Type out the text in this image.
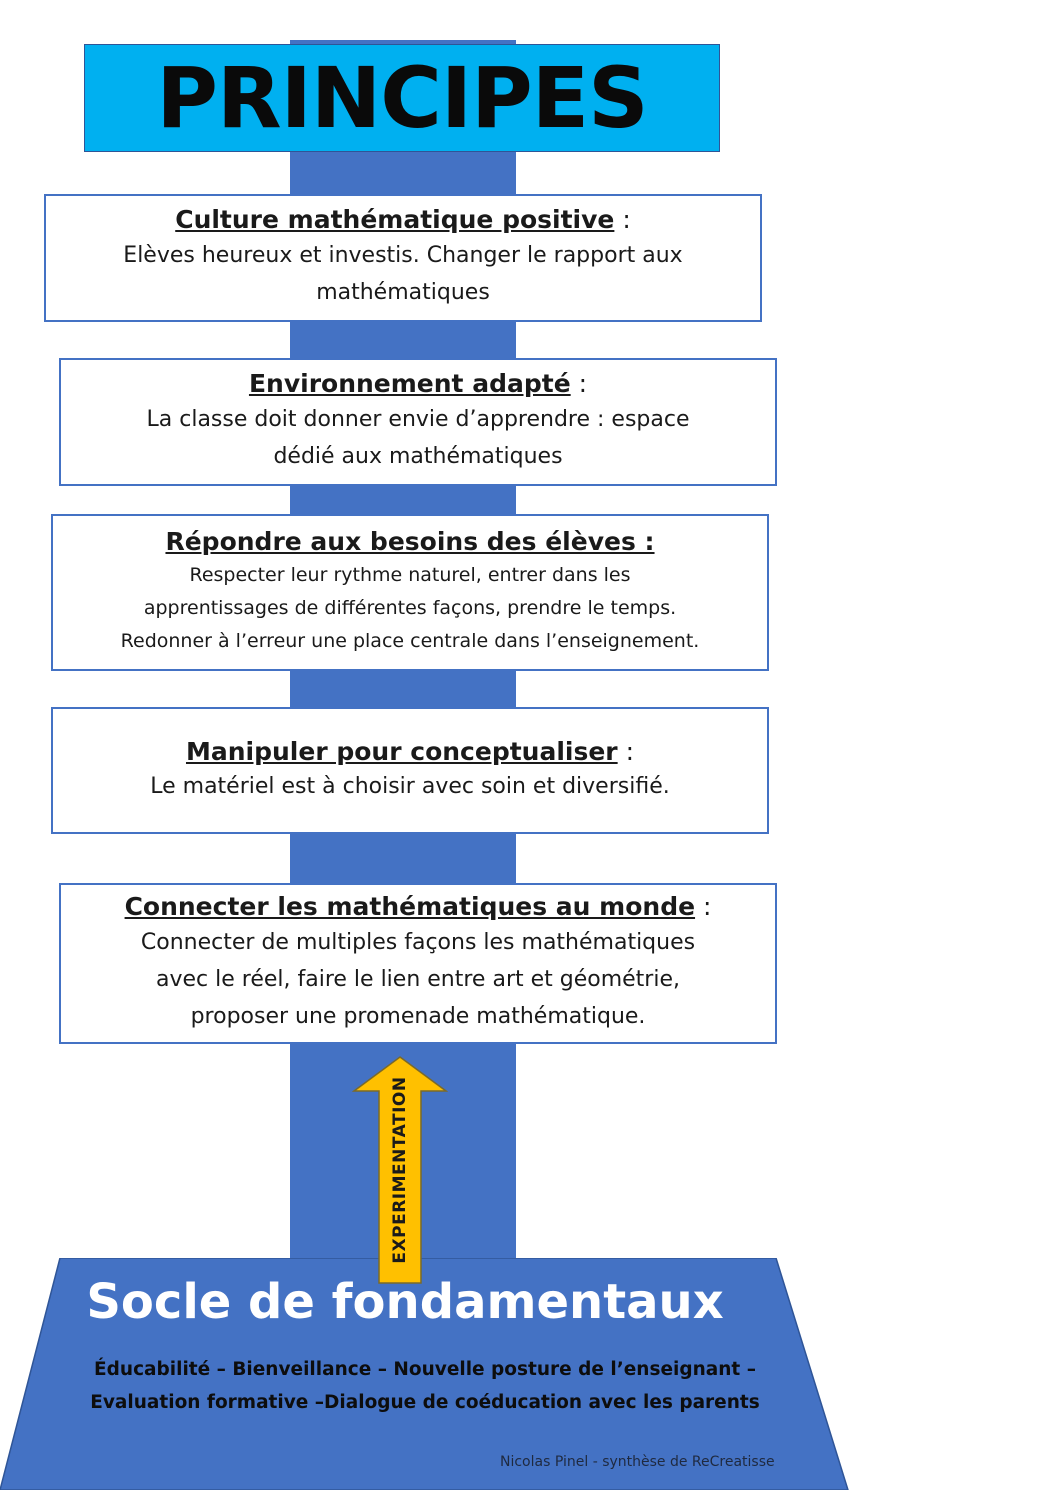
PRINCIPES
Culture mathématique positive :
Elèves heureux et investis. Changer le rapport aux
mathématiques
Environnement adapté :
La classe doit donner envie d’apprendre : espace
dédié aux mathématiques
Répondre aux besoins des élèves :
Respecter leur rythme naturel, entrer dans les
apprentissages de différentes façons, prendre le temps.
Redonner à l’erreur une place centrale dans l’enseignement.
Manipuler pour conceptualiser :
Le matériel est à choisir avec soin et diversifié.
Connecter les mathématiques au monde :
Connecter de multiples façons les mathématiques
avec le réel, faire le lien entre art et géométrie,
proposer une promenade mathématique.
EXPERIMENTATION
Socle de fondamentaux
Éducabilité – Bienveillance – Nouvelle posture de l’enseignant –
Evaluation formative –Dialogue de coéducation avec les parents
Nicolas Pinel - synthèse de ReCreatisse
